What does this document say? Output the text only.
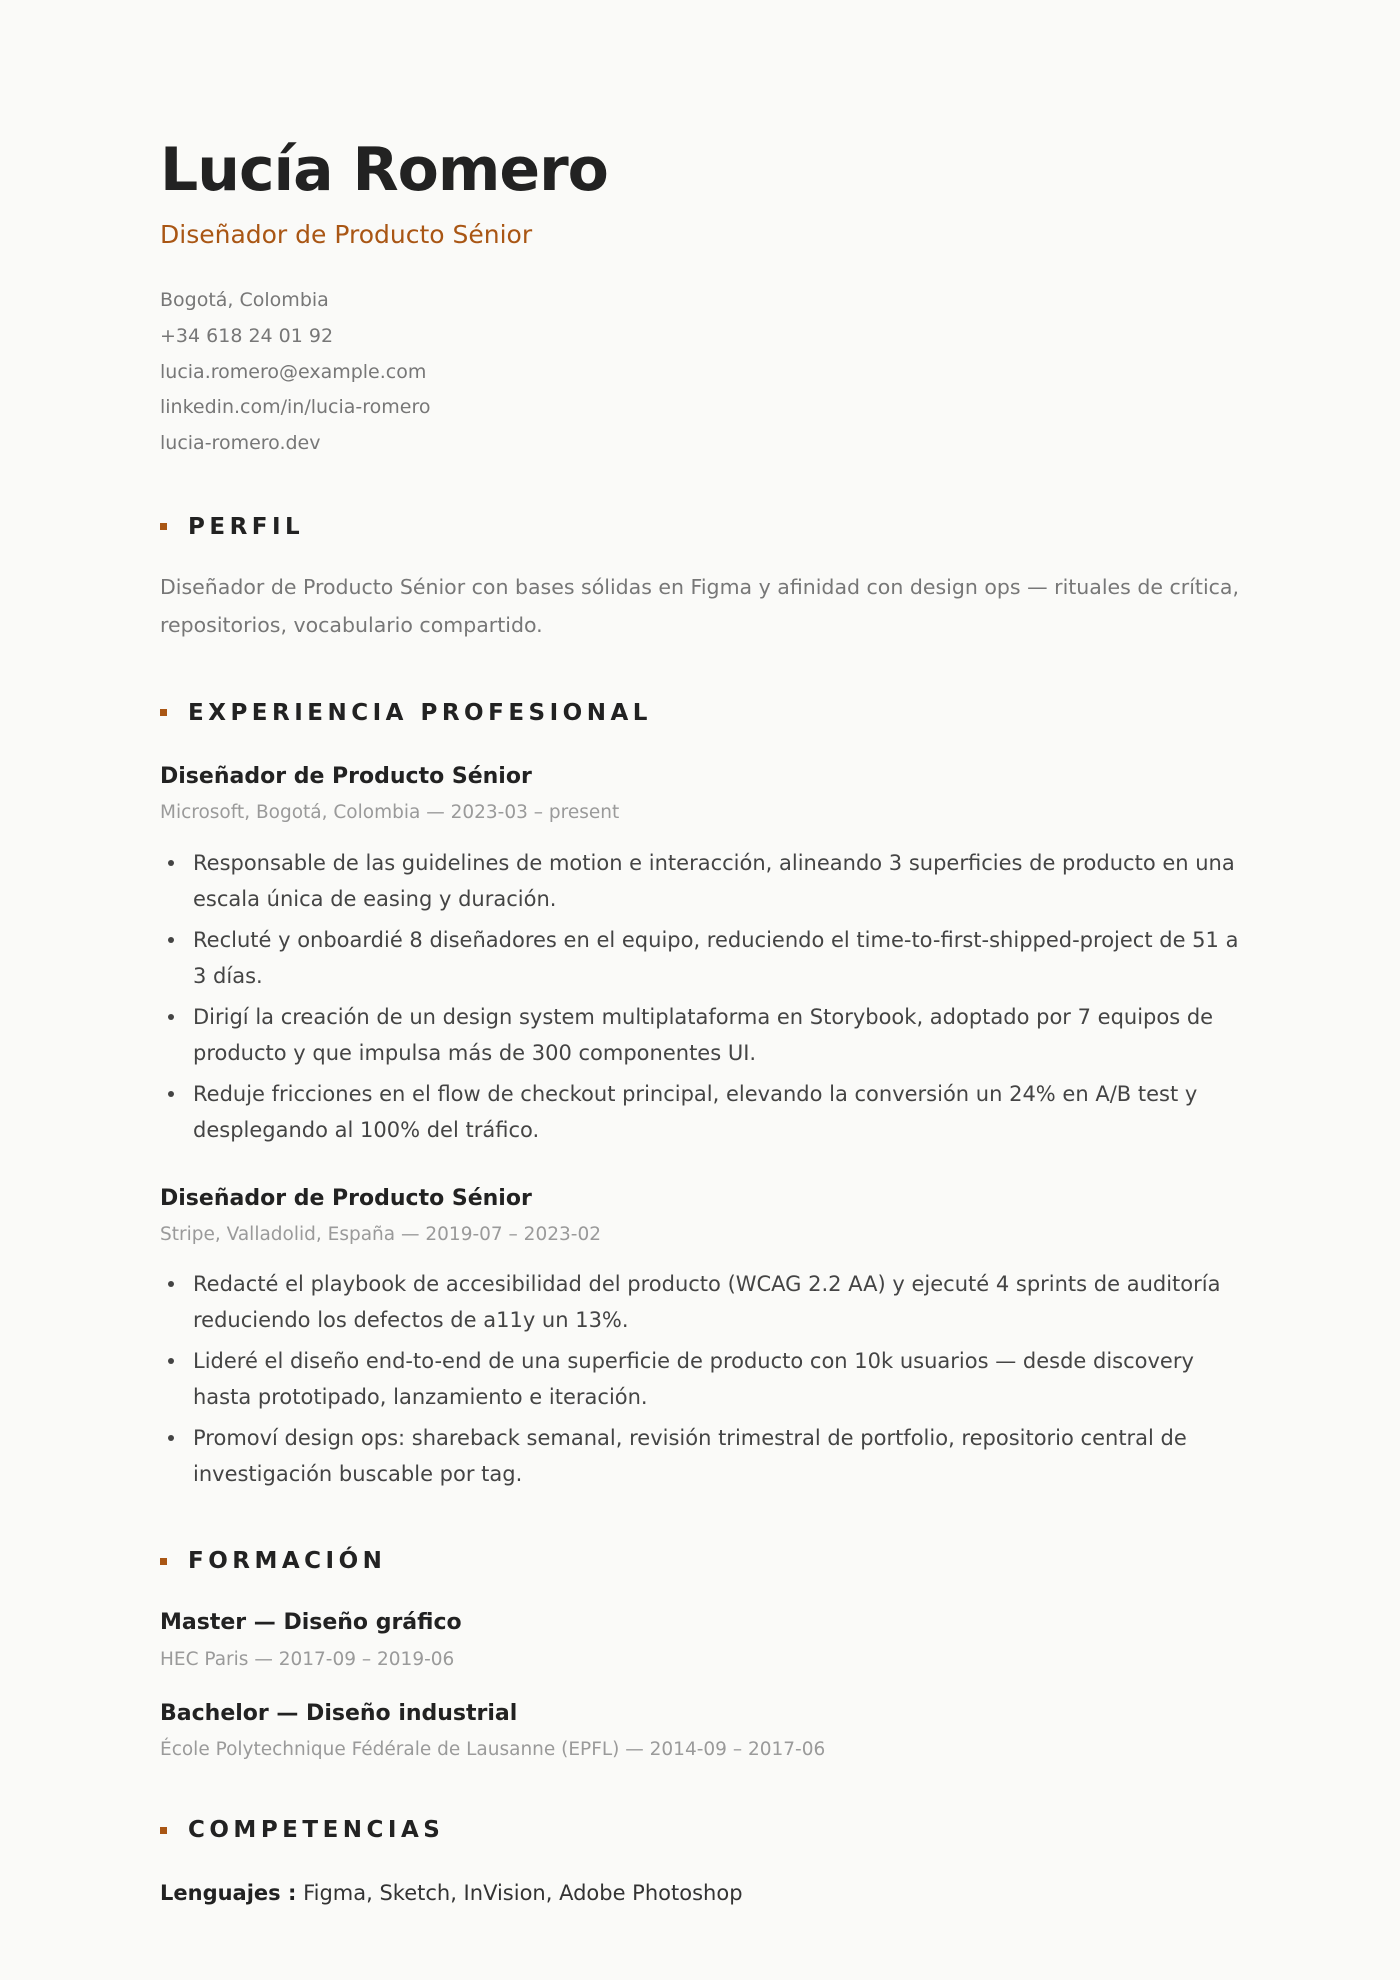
Lucía Romero
Diseñador de Producto Sénior
Bogotá, Colombia
+34 618 24 01 92
lucia.romero@example.com
linkedin.com/in/lucia-romero
lucia-romero.dev
PERFIL

Diseñador de Producto Sénior con bases sólidas en Figma y afinidad con design ops — rituales de crítica, repositorios, vocabulario compartido.

EXPERIENCIA PROFESIONAL
Diseñador de Producto Sénior
Microsoft, Bogotá, Colombia — 2023-03 – present
Responsable de las guidelines de motion e interacción, alineando 3 superficies de producto en una escala única de easing y duración.
Recluté y onboardié 8 diseñadores en el equipo, reduciendo el time-to-first-shipped-project de 51 a 3 días.
Dirigí la creación de un design system multiplataforma en Storybook, adoptado por 7 equipos de producto y que impulsa más de 300 componentes UI.
Reduje fricciones en el flow de checkout principal, elevando la conversión un 24% en A/B test y desplegando al 100% del tráfico.
Diseñador de Producto Sénior
Stripe, Valladolid, España — 2019-07 – 2023-02
Redacté el playbook de accesibilidad del producto (WCAG 2.2 AA) y ejecuté 4 sprints de auditoría reduciendo los defectos de a11y un 13%.
Lideré el diseño end-to-end de una superficie de producto con 10k usuarios — desde discovery hasta prototipado, lanzamiento e iteración.
Promoví design ops: shareback semanal, revisión trimestral de portfolio, repositorio central de investigación buscable por tag.
FORMACIÓN
Master — Diseño gráfico
HEC Paris — 2017-09 – 2019-06
Bachelor — Diseño industrial
École Polytechnique Fédérale de Lausanne (EPFL) — 2014-09 – 2017-06
COMPETENCIAS
Lenguajes : Figma, Sketch, InVision, Adobe Photoshop
